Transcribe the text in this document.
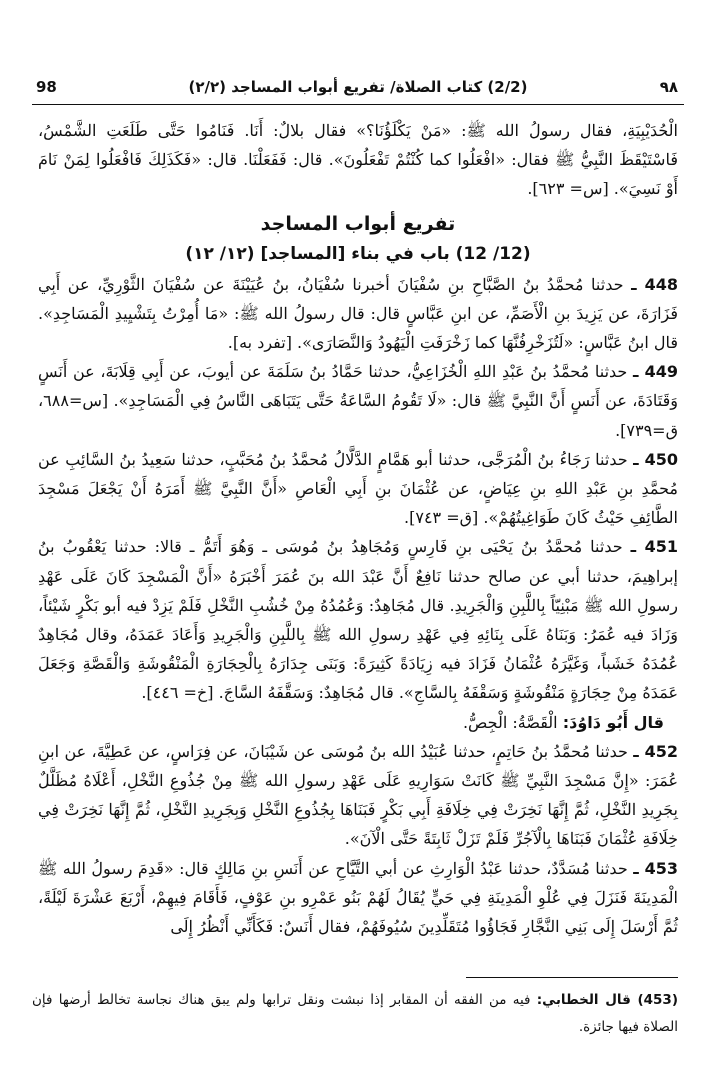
٩٨
(2/2) كتاب الصلاة/ تفريع أبواب المساجد (٢/٢)
98

الْحُدَيْبِيَةِ، فقال رسولُ الله ﷺ: «مَنْ يَكْلَؤُنَا؟» فقال بلالٌ: أَنَا. فَنَامُوا حَتَّى طَلَعَتِ الشَّمْسُ، فَاسْتَيْقَظَ النَّبِيُّ ﷺ فقال: «افْعَلُوا كما كُنْتُمْ تَفْعَلُونَ». قال: فَفَعَلْنَا. قال: «فَكَذَلِكَ فَافْعَلُوا لِمَنْ نَامَ أَوْ نَسِيَ». [س= ٦٢٣].

تفريع أبواب المساجد
(12/ 12) باب في بناء [المساجد] (١٢/ ١٢)

448 ـ حدثنا مُحمَّدُ بنُ الصَّبَّاحِ بنِ سُفْيَانَ أخبرنا سُفْيَانُ، بنُ عُيَيْنَةَ عن سُفْيَانَ الثَّوْرِيِّ، عن أَبِي فَزَارَةَ، عن يَزِيدَ بنِ الْأَصَمِّ، عن ابنِ عَبَّاسٍ قال: قال رسولُ الله ﷺ: «مَا أُمِرْتُ بِتَشْيِيدِ الْمَسَاجِدِ». قال ابنُ عَبَّاسٍ: «لَتُزَخْرِفُنَّهَا كما زَخْرَفَتِ الْيَهُودُ وَالنَّصَارَى». [تفرد به].

449 ـ حدثنا مُحمَّدُ بنُ عَبْدِ اللهِ الْخُزَاعِيُّ، حدثنا حَمَّادُ بنُ سَلَمَةَ عن أيوبَ، عن أَبِي قِلَابَةَ، عن أَنَسٍ وَقَتَادَةَ، عن أَنَسٍ أَنَّ النَّبِيَّ ﷺ قال: «لَا تَقُومُ السَّاعَةُ حَتَّى يَتَبَاهَى النَّاسُ فِي الْمَسَاجِدِ». [س=٦٨٨، ق=٧٣٩].

450 ـ حدثنا رَجَاءُ بنُ الْمُرَجَّى، حدثنا أبو هَمَّامٍ الدَّلَّالُ مُحمَّدُ بنُ مُحَبَّبٍ، حدثنا سَعِيدُ بنُ السَّائِبِ عن مُحمَّدِ بنِ عَبْدِ اللهِ بنِ عِيَاضٍ، عن عُثْمَانَ بنِ أَبِي الْعَاصِ «أَنَّ النَّبِيَّ ﷺ أَمَرَهُ أَنْ يَجْعَلَ مَسْجِدَ الطَّائِفِ حَيْثُ كَانَ طَوَاغِيتُهُمْ». [ق= ٧٤٣].

451 ـ حدثنا مُحمَّدُ بنُ يَحْيَى بنِ فَارِسٍ وَمُجَاهِدُ بنُ مُوسَى ـ وَهُوَ أَتَمُّ ـ قالا: حدثنا يَعْقُوبُ بنُ إبراهِيمَ، حدثنا أبي عن صالح حدثنا نَافِعٌ أَنَّ عَبْدَ الله بنَ عُمَرَ أَخْبَرَهُ «أَنَّ الْمَسْجِدَ كَانَ عَلَى عَهْدِ رسولِ الله ﷺ مَبْنِيّاً بِاللَّبِنِ وَالْجَرِيدِ. قال مُجَاهِدٌ: وَعُمُدُهُ مِنْ خُشُبِ النَّخْلِ فَلَمْ يَزِدْ فيه أبو بَكْرٍ شَيْئاً، وَزَادَ فيه عُمَرُ: وَبَنَاهُ عَلَى بِنَائِهِ فِي عَهْدِ رسولِ الله ﷺ بِاللَّبِنِ وَالْجَرِيدِ وَأَعَادَ عَمَدَهُ، وقال مُجَاهِدٌ عُمُدَهُ خَشَباً، وَغَيَّرَهُ عُثْمَانُ فَزَادَ فيه زِيَادَةً كَثِيرَةً: وَبَنَى جِدَارَهُ بِالْحِجَارَةِ الْمَنْقُوشَةِ وَالْقَصَّةِ وَجَعَلَ عَمَدَهُ مِنْ حِجَارَةٍ مَنْقُوشَةٍ وَسَقْفَهُ بِالسَّاجِ». قال مُجَاهِدٌ: وَسَقَّفَهُ السَّاجَ. [خ= ٤٤٦].

قال أَبُو دَاوُدَ: الْقَصَّةُ: الْجِصُّ.

452 ـ حدثنا مُحمَّدُ بنُ حَاتِمٍ، حدثنا عُبَيْدُ الله بنُ مُوسَى عن شَيْبَانَ، عن فِرَاسٍ، عن عَطِيَّةَ، عن ابنِ عُمَرَ: «إِنَّ مَسْجِدَ النَّبِيِّ ﷺ كَانَتْ سَوَارِيهِ عَلَى عَهْدِ رسولِ الله ﷺ مِنْ جُذُوعِ النَّخْلِ، أَعْلَاهُ مُظَلَّلٌ بِجَرِيدِ النَّخْلِ، ثُمَّ إِنَّهَا نَخِرَتْ فِي خِلَافَةِ أَبِي بَكْرٍ فَبَنَاهَا بِجُذُوعِ النَّخْلِ وَبِجَرِيدِ النَّخْلِ، ثُمَّ إِنَّهَا نَخِرَتْ فِي خِلَافَةِ عُثْمَانَ فَبَنَاهَا بِالْآجُرِّ فَلَمْ تَزَلْ ثَابِتَةً حَتَّى الْآنَ».

453 ـ حدثنا مُسَدَّدٌ، حدثنا عَبْدُ الْوَارِثِ عن أبي التَّيَّاحِ عن أَنَسِ بنِ مَالِكٍ قال: «قَدِمَ رسولُ الله ﷺ الْمَدِينَةَ فَنَزَلَ فِي عُلْوِ الْمَدِينَةِ فِي حَيٍّ يُقَالُ لَهُمْ بَنُو عَمْرِو بنِ عَوْفٍ، فَأَقَامَ فِيهِمْ، أَرْبَعَ عَشْرَةَ لَيْلَةً، ثُمَّ أَرْسَلَ إِلَى بَنِي النَّجَّارِ فَجَاؤُوا مُتَقَلِّدِينَ سُيُوفَهُمْ، فقال أَنَسٌ: فَكَأَنِّي أَنْظُرُ إِلَى

(453) قال الخطابي: فيه من الفقه أن المقابر إذا نبشت ونقل ترابها ولم يبق هناك نجاسة تخالط أرضها فإن الصلاة فيها جائزة.
